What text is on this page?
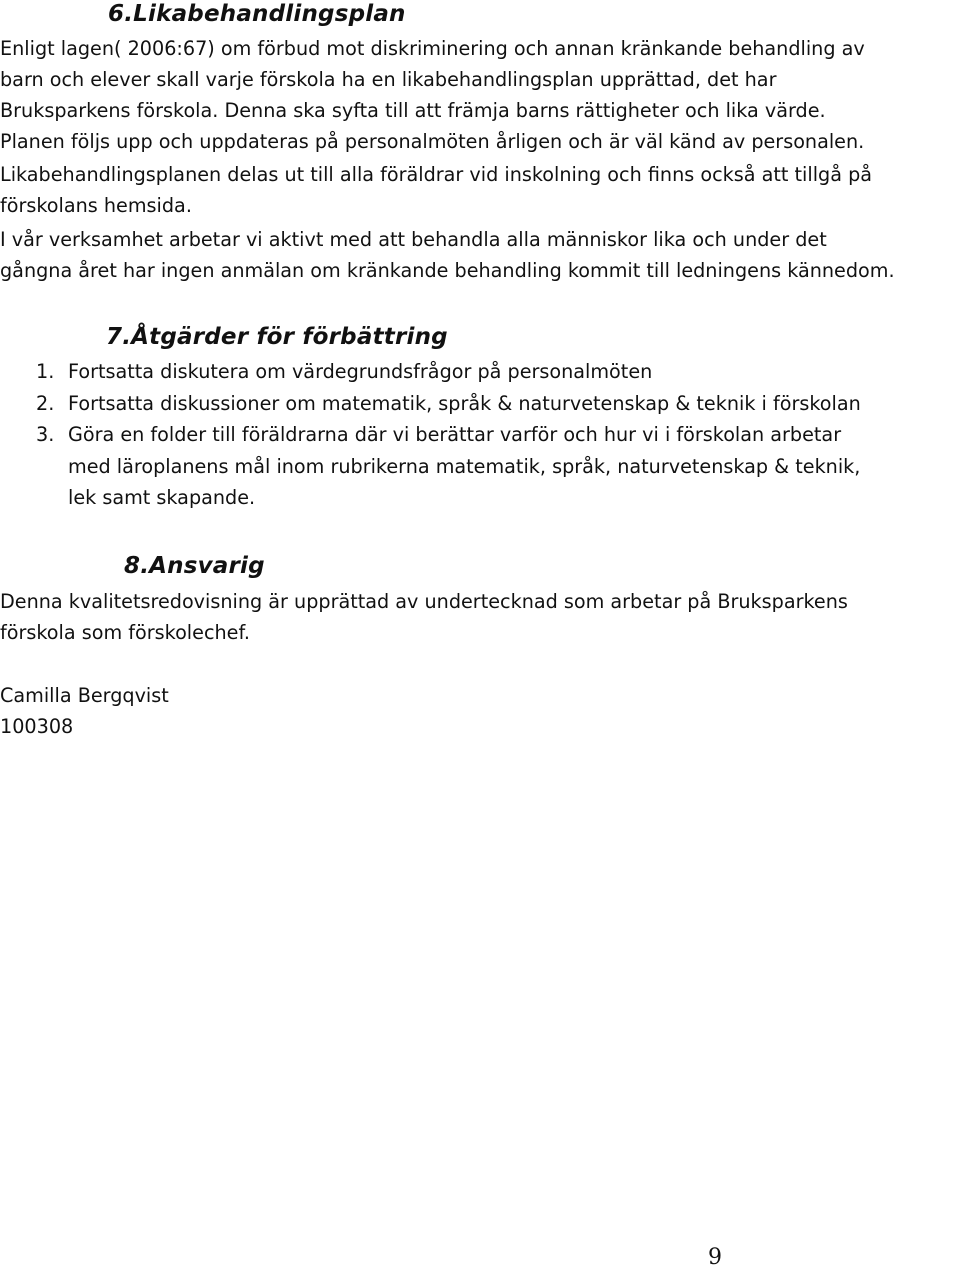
6.Likabehandlingsplan
Enligt lagen( 2006:67) om förbud mot diskriminering och annan kränkande behandling av
barn och elever skall varje förskola ha en likabehandlingsplan upprättad, det har
Bruksparkens förskola. Denna ska syfta till att främja barns rättigheter och lika värde.
Planen följs upp och uppdateras på personalmöten årligen och är väl känd av personalen.
Likabehandlingsplanen delas ut till alla föräldrar vid inskolning och finns också att tillgå på
förskolans hemsida.
I vår verksamhet arbetar vi aktivt med att behandla alla människor lika och under det
gångna året har ingen anmälan om kränkande behandling kommit till ledningens kännedom.
7.Åtgärder för förbättring
1. Fortsatta diskutera om värdegrundsfrågor på personalmöten
2. Fortsatta diskussioner om matematik, språk & naturvetenskap & teknik i förskolan
3. Göra en folder till föräldrarna där vi berättar varför och hur vi i förskolan arbetar
med läroplanens mål inom rubrikerna matematik, språk, naturvetenskap & teknik,
lek samt skapande.
8.Ansvarig
Denna kvalitetsredovisning är upprättad av undertecknad som arbetar på Bruksparkens
förskola som förskolechef.
Camilla Bergqvist
100308
9
